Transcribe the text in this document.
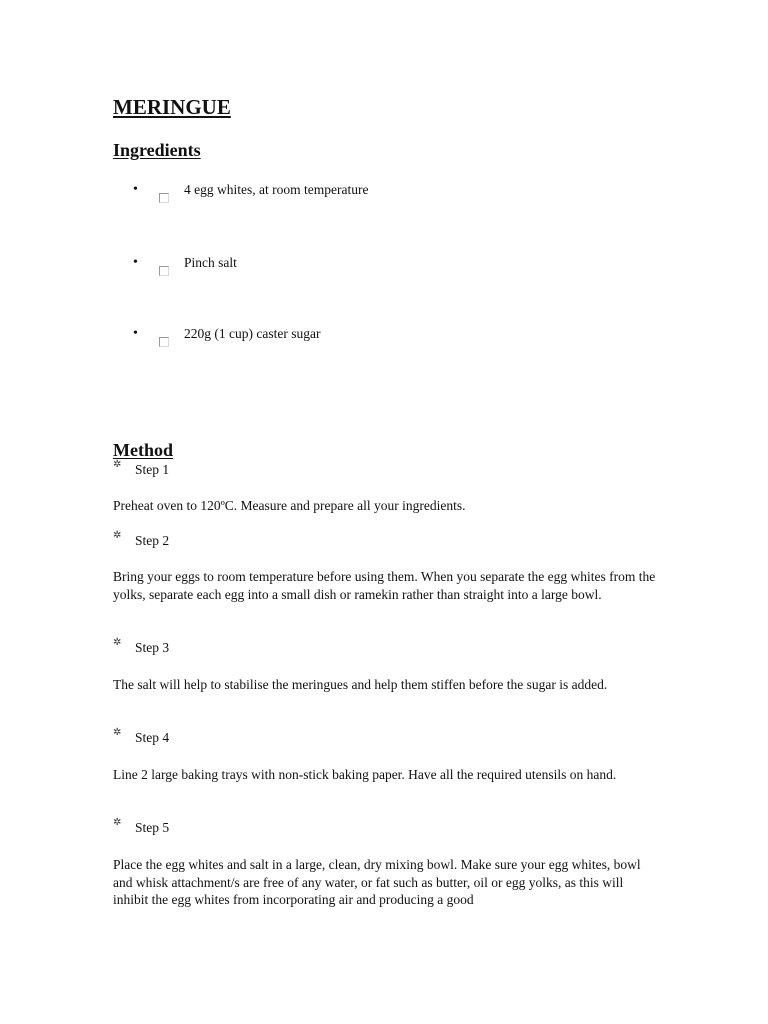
MERINGUE
Ingredients
•	4 egg whites, at room temperature
•	Pinch salt
•	220g (1 cup) caster sugar
Method
✲ Step 1

Preheat oven to 120ºC. Measure and prepare all your ingredients.

✲ Step 2

Bring your eggs to room temperature before using them. When you separate the egg whites from the yolks, separate each egg into a small dish or ramekin rather than straight into a large bowl.

✲ Step 3

The salt will help to stabilise the meringues and help them stiffen before the sugar is added.

✲ Step 4

Line 2 large baking trays with non-stick baking paper. Have all the required utensils on hand.

✲ Step 5

Place the egg whites and salt in a large, clean, dry mixing bowl. Make sure your egg whites, bowl and whisk attachment/s are free of any water, or fat such as butter, oil or egg yolks, as this will inhibit the egg whites from incorporating air and producing a good
